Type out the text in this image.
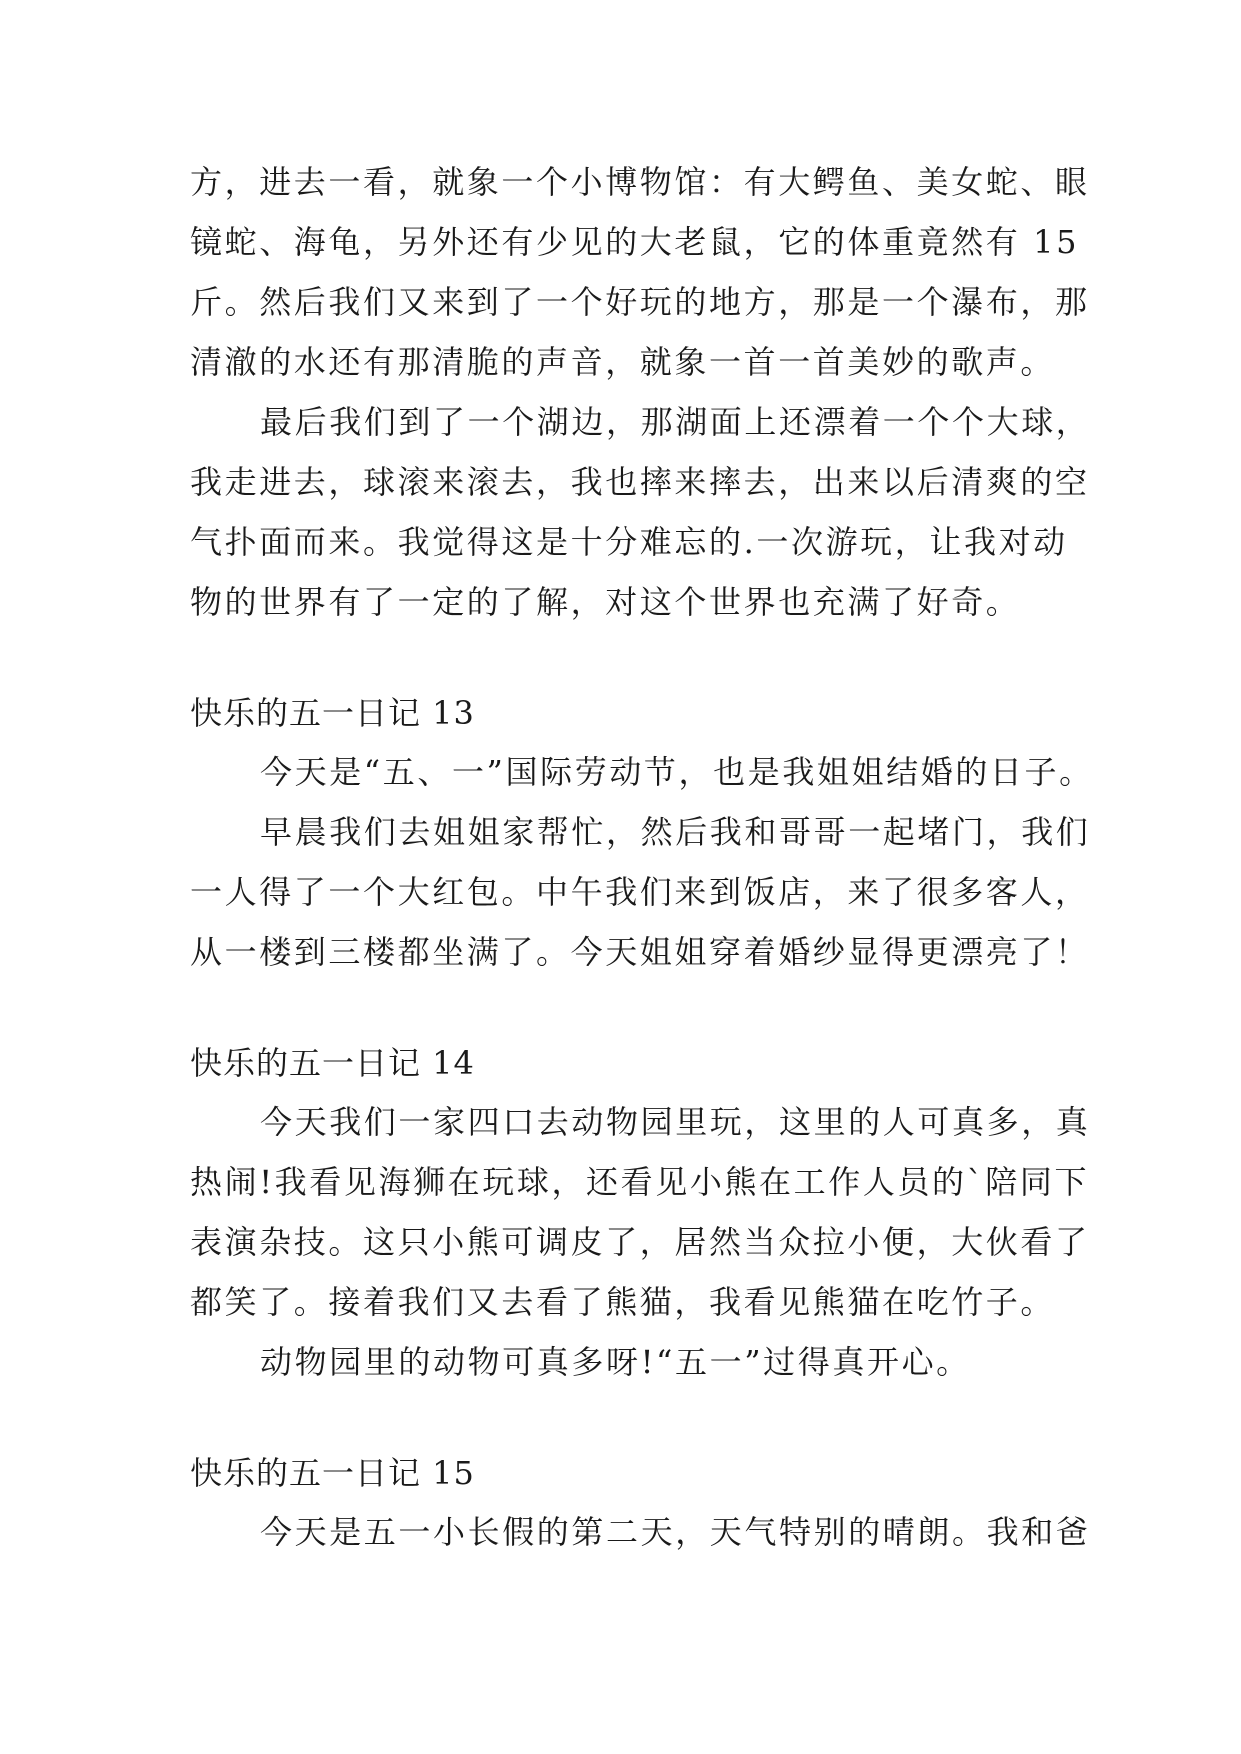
方，进去一看，就象一个小博物馆：有大鳄鱼、美女蛇、眼
镜蛇、海龟，另外还有少见的大老鼠，它的体重竟然有 15
斤。然后我们又来到了一个好玩的地方，那是一个瀑布，那
清澈的水还有那清脆的声音，就象一首一首美妙的歌声。
最后我们到了一个湖边，那湖面上还漂着一个个大球，
我走进去，球滚来滚去，我也摔来摔去，出来以后清爽的空
气扑面而来。我觉得这是十分难忘的.一次游玩，让我对动
物的世界有了一定的了解，对这个世界也充满了好奇。
快乐的五一日记 13
今天是“五、一”国际劳动节，也是我姐姐结婚的日子。
早晨我们去姐姐家帮忙，然后我和哥哥一起堵门，我们
一人得了一个大红包。中午我们来到饭店，来了很多客人，
从一楼到三楼都坐满了。今天姐姐穿着婚纱显得更漂亮了！
快乐的五一日记 14
今天我们一家四口去动物园里玩，这里的人可真多，真
热闹!我看见海狮在玩球，还看见小熊在工作人员的`陪同下
表演杂技。这只小熊可调皮了，居然当众拉小便，大伙看了
都笑了。接着我们又去看了熊猫，我看见熊猫在吃竹子。
动物园里的动物可真多呀!“五一”过得真开心。
快乐的五一日记 15
今天是五一小长假的第二天，天气特别的晴朗。我和爸
